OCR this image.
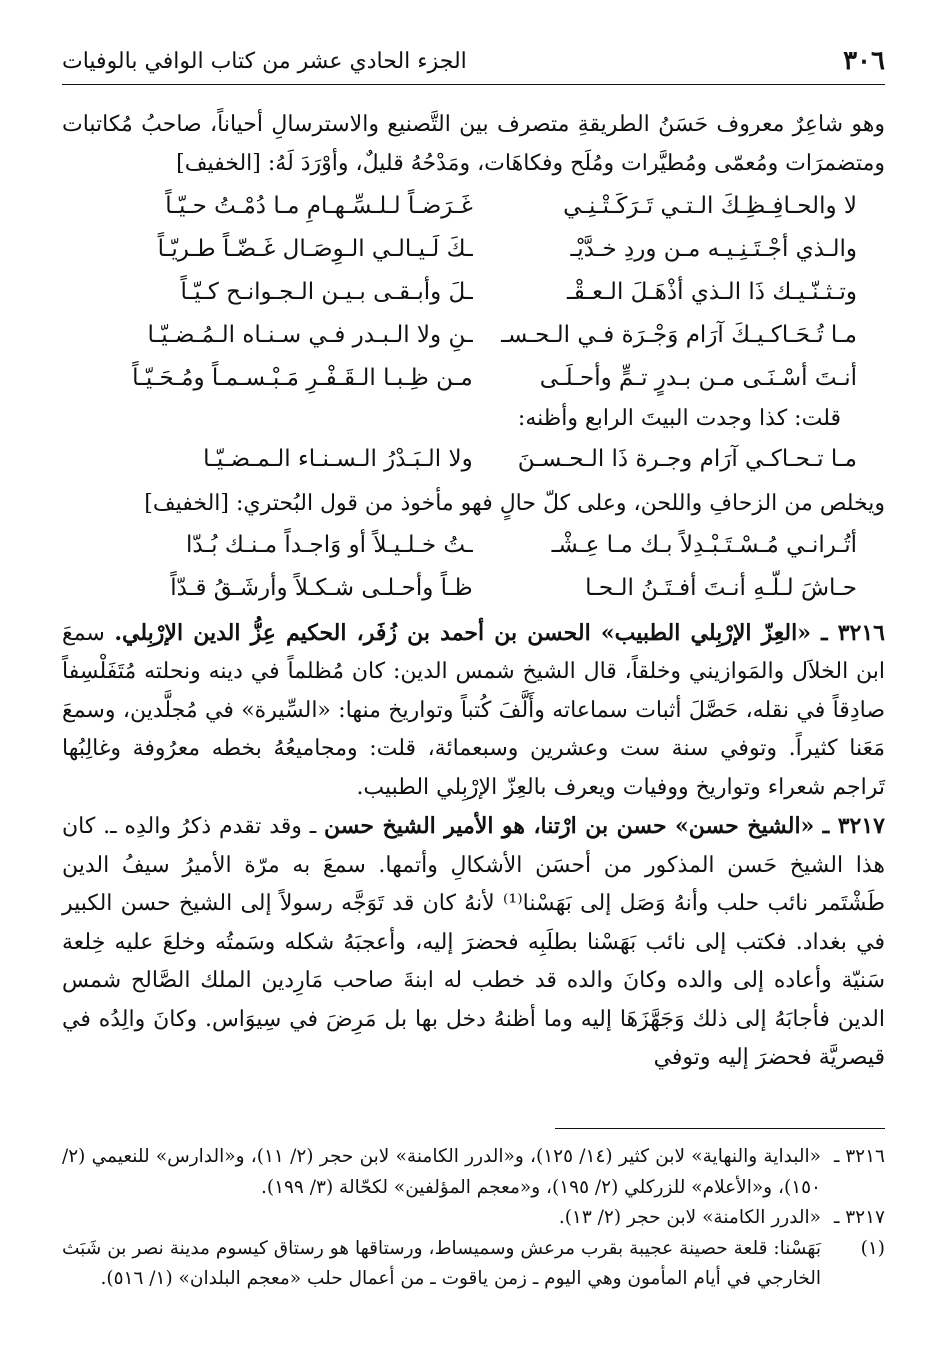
٣٠٦
الجزء الحادي عشر من كتاب الوافي بالوفيات

وهو شاعِرٌ معروف حَسَنُ الطريقةِ متصرف بين التَّصنيع والاسترسالِ أحياناً، صاحبُ مُكاتبات ومتضمرَات ومُعمّى ومُطيَّرات ومُلَح وفكاهَات، ومَدْحُهُ قليلٌ، وأوْرَدَ لَهُ: [الخفيف]

لا والحـافِـظِـكَ الـتـي تَـرَكَـتْـنِـي
غَـرَضـاً لـلـسِّـهـامِ مـا دُمْـتُ حـيّـاً
والـذي أجْـتَـنِـيـه مـن وردِ خـدَّيْـ
ـكَ لَـيـالـي الـوِصَـال غَـضّـاً طـريّـاً
وتـثـنّـيـك ذَا الـذي أذْهَـلَ الـعـقْـ
ـلَ وأبـقـى بـيـن الـجـوانـح كـيّـاً
مـا تُـحَـاكـيـكَ آرَام وَجْـرَة فـي الـحـسـ
ـنِ ولا الـبـدر فـي سـنـاه الـمُـضـيّـا
أنـتَ أسْـنَـى مـن بـدرٍ تـمٍّ وأحـلَـى
مـن ظِـبـا الـقَـفْـرِ مَـبْـسـمـاً ومُـحَـيّـاً

قلت: كذا وجدت البيتَ الرابع وأظنه:

مـا تـحـاكـي آرَام وجـرة ذَا الـحـسـنَ
ولا الـبَـدْرُ الـسـنـاء الـمـضـيّـا

ويخلص من الزحافِ واللحن، وعلى كلّ حالٍ فهو مأخوذ من قول البُحتري: [الخفيف]

أتُـرانـي مُـسْـتَـبْـدِلاً بـك مـا عِـشْـ
ـتُ خـلـيـلاً أو وَاجـداً مـنـك بُـدّا
حـاشَ لـلّـهِ أنـتَ أفـتَـنُ الـحـا
ظـاً وأحـلـى شـكـلاً وأرشَـقُ قـدّاً

٣٢١٦ ـ «العِزّ الإرْبِلي الطبيب» الحسن بن أحمد بن زُفَر، الحكيم عِزُّ الدين الإرْبِلي. سمعَ ابن الخلاَل والمَوازيني وخلقاً، قال الشيخ شمس الدين: كان مُظلماً في دينه ونحلته مُتَفَلْسِفاً صادِقاً في نقله، حَصَّلَ أثبات سماعاته وأَلَّفَ كُتباً وتواريخ منها: «السِّيرة» في مُجلَّدين، وسمعَ مَعَنا كثيراً. وتوفي سنة ست وعشرين وسبعمائة، قلت: ومجاميعُهُ بخطه معرُوفة وغالِبُها تَراجم شعراء وتواريخ ووفيات ويعرف بالعِزّ الإرْبِلي الطبيب.

٣٢١٧ ـ «الشيخ حسن» حسن بن ارْتنا، هو الأمير الشيخ حسن ـ وقد تقدم ذكرُ والدِه ـ. كان هذا الشيخ حَسن المذكور من أحسَن الأشكالِ وأتمها. سمعَ به مرّة الأميرُ سيفُ الدين طَشْتَمر نائب حلب وأنهُ وَصَل إلى بَهَسْنا⁽¹⁾ لأنهُ كان قد تَوَجَّه رسولاً إلى الشيخ حسن الكبير في بغداد. فكتب إلى نائب بَهَسْنا بطلَبِه فحضرَ إليه، وأعجبَهُ شكله وسَمتُه وخلعَ عليه خِلعة سَنيّة وأعاده إلى والده وكانَ والده قد خطب له ابنةَ صاحب مَارِدين الملك الصَّالح شمس الدين فأجابَهُ إلى ذلك وَجَهَّزَهَا إليه وما أظنهُ دخل بها بل مَرِضَ في سِيوَاس. وكانَ والِدُه في قيصريَّة فحضرَ إليه وتوفي

٣٢١٦ ـ
«البداية والنهاية» لابن كثير (١٤/ ١٢٥)، و«الدرر الكامنة» لابن حجر (٢/ ١١)، و«الدارس» للنعيمي (٢/ ١٥٠)، و«الأعلام» للزركلي (٢/ ١٩٥)، و«معجم المؤلفين» لكحّالة (٣/ ١٩٩).
٣٢١٧ ـ
«الدرر الكامنة» لابن حجر (٢/ ١٣).
(١)
بَهَسْنا: قلعة حصينة عجيبة بقرب مرعش وسميساط، ورستاقها هو رستاق كيسوم مدينة نصر بن شَبَث الخارجي في أيام المأمون وهي اليوم ـ زمن ياقوت ـ من أعمال حلب «معجم البلدان» (١/ ٥١٦).
